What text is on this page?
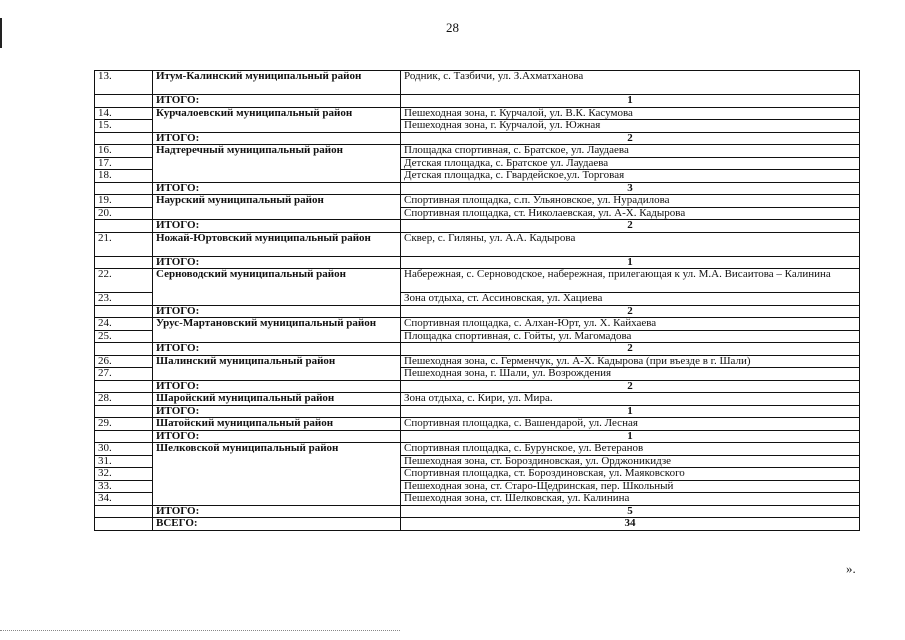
28
13.	Итум-Калинский муниципальный район	Родник, с. Тазбичи, ул. З.Ахматханова
	ИТОГО:	1
14.	Курчалоевский муниципальный район	Пешеходная зона, г. Курчалой, ул. В.К. Касумова
15.		Пешеходная зона, г. Курчалой, ул. Южная
	ИТОГО:	2
16.	Надтеречный муниципальный район	Площадка спортивная, с. Братское, ул. Лаудаева
17.		Детская площадка, с. Братское ул. Лаудаева
18.		Детская площадка, с. Гвардейское,ул. Торговая
	ИТОГО:	3
19.	Наурский муниципальный район	Спортивная площадка, с.п. Ульяновское, ул. Нурадилова
20.		Спортивная площадка, ст. Николаевская, ул. А-Х. Кадырова
	ИТОГО:	2
21.	Ножай-Юртовский муниципальный район	Сквер, с. Гиляны, ул. А.А. Кадырова
	ИТОГО:	1
22.	Серноводский муниципальный район	Набережная, с. Серноводское, набережная, прилегающая к ул. М.А. Висаитова – Калинина
23.		Зона отдыха, ст. Ассиновская, ул. Хациева
	ИТОГО:	2
24.	Урус-Мартановский муниципальный район	Спортивная площадка, с. Алхан-Юрт, ул. Х. Кайхаева
25.		Площадка спортивная, с. Гойты, ул. Магомадова
	ИТОГО:	2
26.	Шалинский муниципальный район	Пешеходная зона, с. Герменчук, ул. А-Х. Кадырова (при въезде в г. Шали)
27.		Пешеходная зона, г. Шали, ул. Возрождения
	ИТОГО:	2
28.	Шаройский муниципальный район	Зона отдыха, с. Кири, ул. Мира.
	ИТОГО:	1
29.	Шатойский муниципальный район	Спортивная площадка, с. Вашендарой, ул. Лесная
	ИТОГО:	1
30.	Шелковской муниципальный район	Спортивная площадка, с. Бурунское, ул. Ветеранов
31.		Пешеходная зона, ст. Бороздиновская, ул. Орджоникидзе
32.		Спортивная площадка, ст. Бороздиновская, ул. Маяковского
33.		Пешеходная зона, ст. Старо-Щедринская, пер. Школьный
34.		Пешеходная зона, ст. Шелковская, ул. Калинина
	ИТОГО:	5
	ВСЕГО:	34
».
